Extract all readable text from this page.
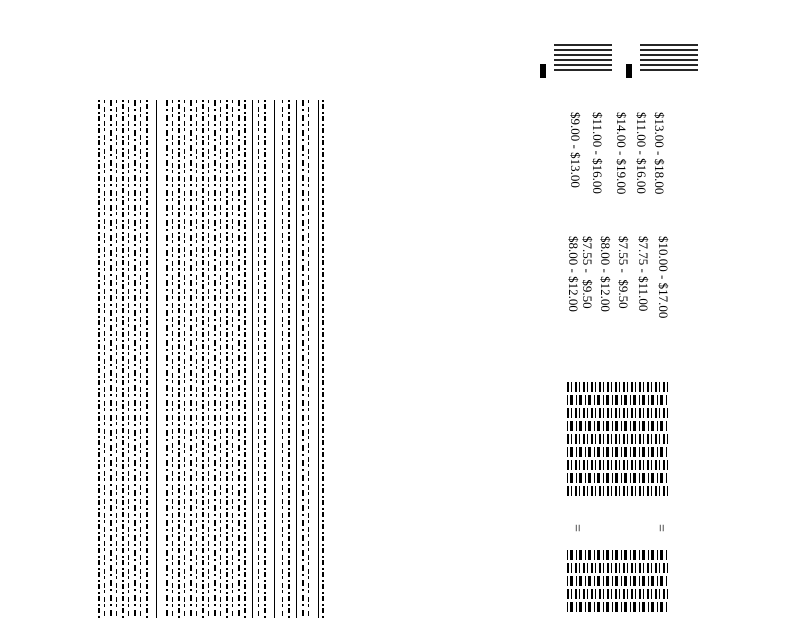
$13.00 - $18.00
$11.00 - $16.00
$14.00 - $19.00
$11.00 - $16.00
$9.00 - $13.00
$10.00 - $17.00
$7.75 - $11.00
$7.55 -  $9.50
$8.00 - $12.00
$7.55 -  $9.50
$8.00 - $12.00
=	=
